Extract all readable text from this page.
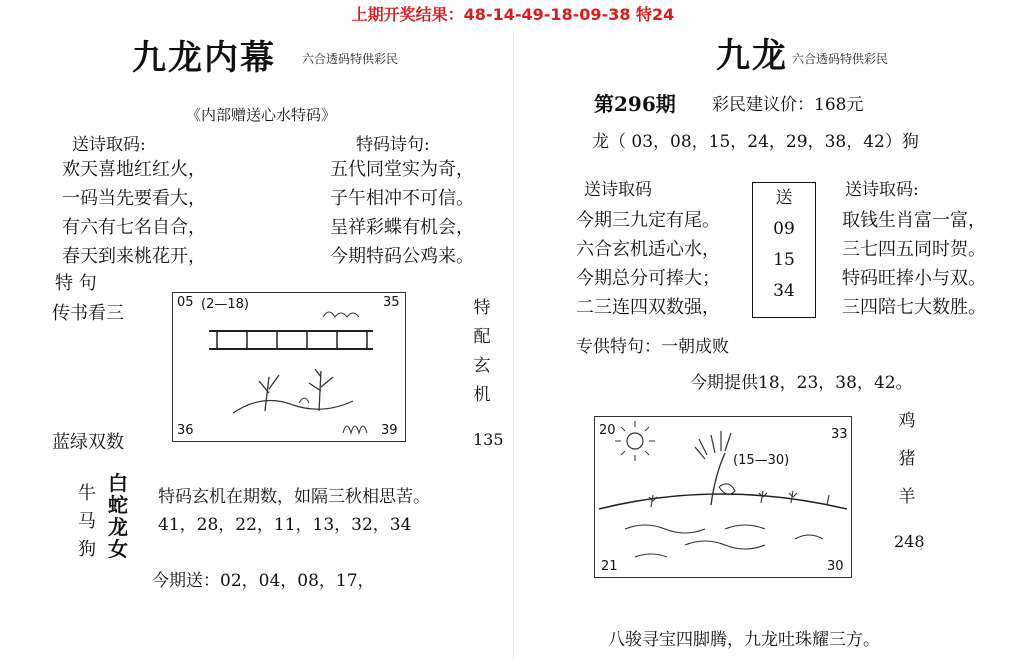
上期开奖结果：48-14-49-18-09-38 特24
九龙内幕 六合透码特供彩民
《内部赠送心水特码》
送诗取码:	特码诗句:
欢天喜地红红火，
一码当先要看大，
有六有七名自合，
春天到来桃花开，
五代同堂实为奇，
子午相冲不可信。
呈祥彩蝶有机会，
今期特码公鸡来。
特 句
传书看三
蓝绿双数
05	35
(2—18)
36	39
特
配
玄
机
135
牛
马
狗
白
蛇
龙
女
特码玄机在期数，如隔三秋相思苦。
41，28，22，11，13，32，34
今期送：02，04，08，17，
九龙 六合透码特供彩民
第296期 彩民建议价：168元
龙（ 03，08，15，24，29，38，42）狗
送诗取码	送诗取码:
今期三九定有尾。
六合玄机适心水，
今期总分可捧大；
二三连四双数强，
送
09
15
34
取钱生肖富一富，
三七四五同时贺。
特码旺捧小与双。
三四陪七大数胜。
专供特句：一朝成败
今期提供18，23，38，42。
20	33
(15—30)
21	30
鸡
猪
羊
248
八骏寻宝四脚腾，九龙吐珠耀三方。
